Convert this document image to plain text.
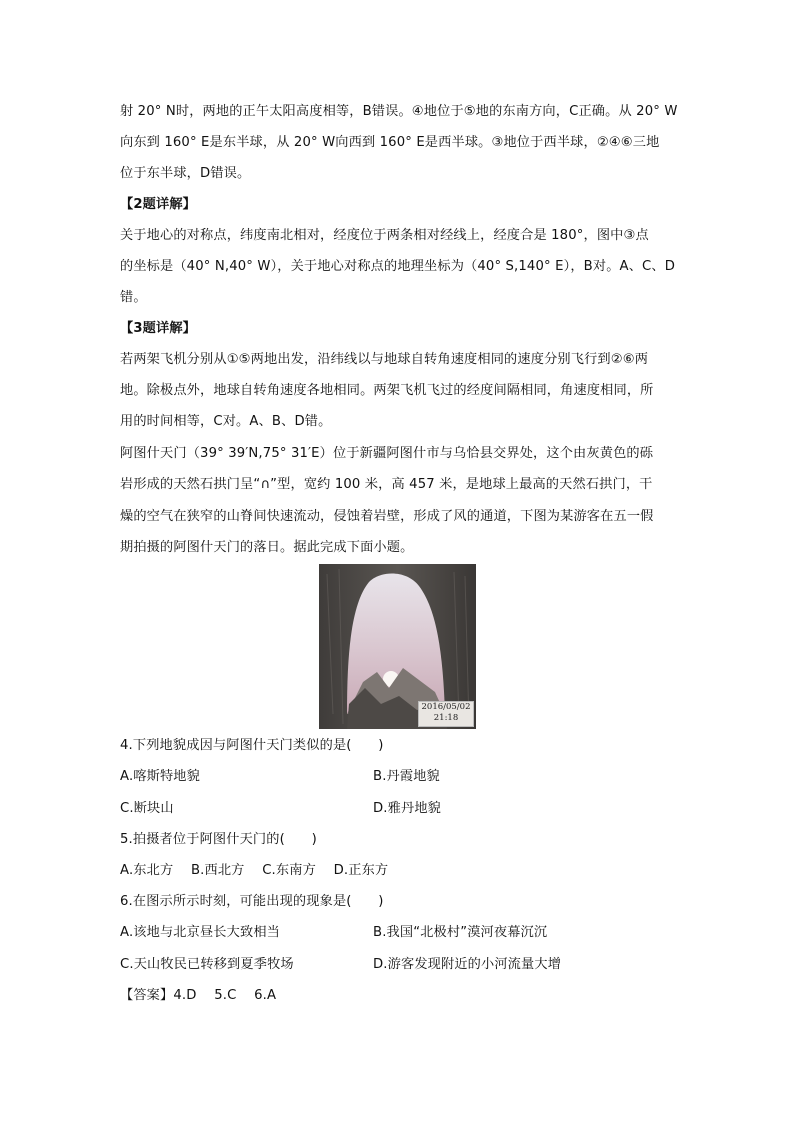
射 20° N时，两地的正午太阳高度相等，B错误。④地位于⑤地的东南方向，C正确。从 20° W
向东到 160° E是东半球，从 20° W向西到 160° E是西半球。③地位于西半球，②④⑥三地
位于东半球，D错误。
【2题详解】
关于地心的对称点，纬度南北相对，经度位于两条相对经线上，经度合是 180°，图中③点
的坐标是（40° N,40° W），关于地心对称点的地理坐标为（40° S,140° E），B对。A、C、D
错。
【3题详解】
若两架飞机分别从①⑤两地出发，沿纬线以与地球自转角速度相同的速度分别飞行到②⑥两
地。除极点外，地球自转角速度各地相同。两架飞机飞过的经度间隔相同，角速度相同，所
用的时间相等，C对。A、B、D错。
阿图什天门（39° 39′N,75° 31′E）位于新疆阿图什市与乌恰县交界处，这个由灰黄色的砾
岩形成的天然石拱门呈“∩”型，宽约 100 米，高 457 米，是地球上最高的天然石拱门，干
燥的空气在狭窄的山脊间快速流动，侵蚀着岩壁，形成了风的通道，下图为某游客在五一假
期拍摄的阿图什天门的落日。据此完成下面小题。
2016/05/02
21:18
4.下列地貌成因与阿图什天门类似的是(　　)
A.喀斯特地貌	B.丹霞地貌
C.断块山	D.雅丹地貌
5.拍摄者位于阿图什天门的(　　)
A.东北方　 B.西北方　 C.东南方　 D.正东方
6.在图示所示时刻，可能出现的现象是(　　)
A.该地与北京昼长大致相当	B.我国“北极村”漠河夜幕沉沉
C.天山牧民已转移到夏季牧场	D.游客发现附近的小河流量大增
【答案】4.D　 5.C　 6.A
